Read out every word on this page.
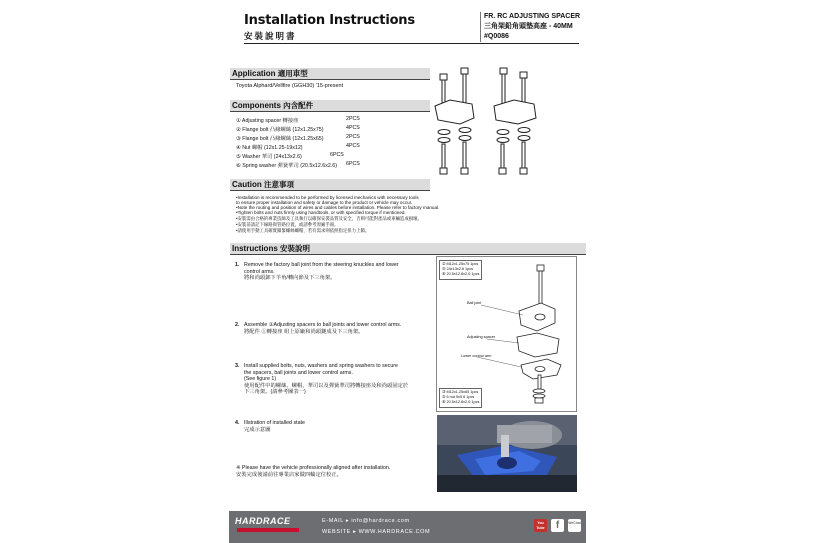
Installation Instructions
安裝說明書
FR. RC ADJUSTING SPACER
三角架鉛角頭墊高座 - 40MM
#Q0086
Application 適用車型
Toyota Alphard/Vellfire (GGH30) '15-present
Components 內含配件
① Adjusting spacer 轉接座	2PCS
② Flange bolt 凸緣螺絲 (12x1.25x75)	4PCS
③ Flange bolt 凸緣螺絲 (12x1.25x65)	2PCS
④ Nut 螺帽 (12x1.25-19x12)	4PCS
⑤ Washer 華司 (24x13x2.6)	6PCS
⑥ Spring washer 彈簧華司 (20.5x12.6x2.6) 6PCS
Caution 注意事項
•Installation is recommended to be performed by licensed mechanics with necessary tools
to ensure proper installation and safety or damage to the product or vehicle may occur.
•Note the routing and position of wires and cables before installation. Please refer to factory manual.
•Tighten bolts and nuts firmly using handtools, or with specified torque if mentioned.
•安裝需由合格的專業技師及工具執行以確保安裝品質及安全，否則可能對產品或車輛造成損壞。
•安裝前請記下線路與管路位置，或請參考原廠手冊。
•請使用手動工具確實鎖緊螺絲螺帽，若有需求則依照指定扭力上鎖。
Instructions 安裝說明
1. Remove the factory ball joint from the steering knuckles and lower
control arms.
將和尚頭卸下羊角/轉向節及下三角架。
2. Assemble ①Adjusting spacers to ball joints and lower control arms.
將配件 ①轉接座 組上原廠和尚頭鏈成及下三角架。
3. Install supplied bolts, nuts, washers and spring washers to secure
the spacers, ball joints and lower control arms.
(See figure 1)
使用配件中的螺絲、螺帽、華司以及彈簧華司將轉接座及和尚頭固定於
下三角架。(請參考圖表一)
4. Illstration of installed state
完成示意圖
※ Please have the vehicle professionally aligned after installation.
安裝完成後請前往專業店家做四輪定位校正。
② M12x1.25x75 1pcs
⑤ 24x13x2.6 1pcs
⑥ 20.5x12.6x2.6 1pcs
Ball joint
Adjusting spacer
Lower control arm
③ M12x1.25x65 1pcs
⑤ 5 nut 5x5 6 1pcs
⑥ 20.5x12.6x2.6 1pcs
HARDRACE	E-MAIL ▸ info@hardrace.com
WEBSITE ▸ WWW.HARDRACE.COM
You Tube	f	WeChat
